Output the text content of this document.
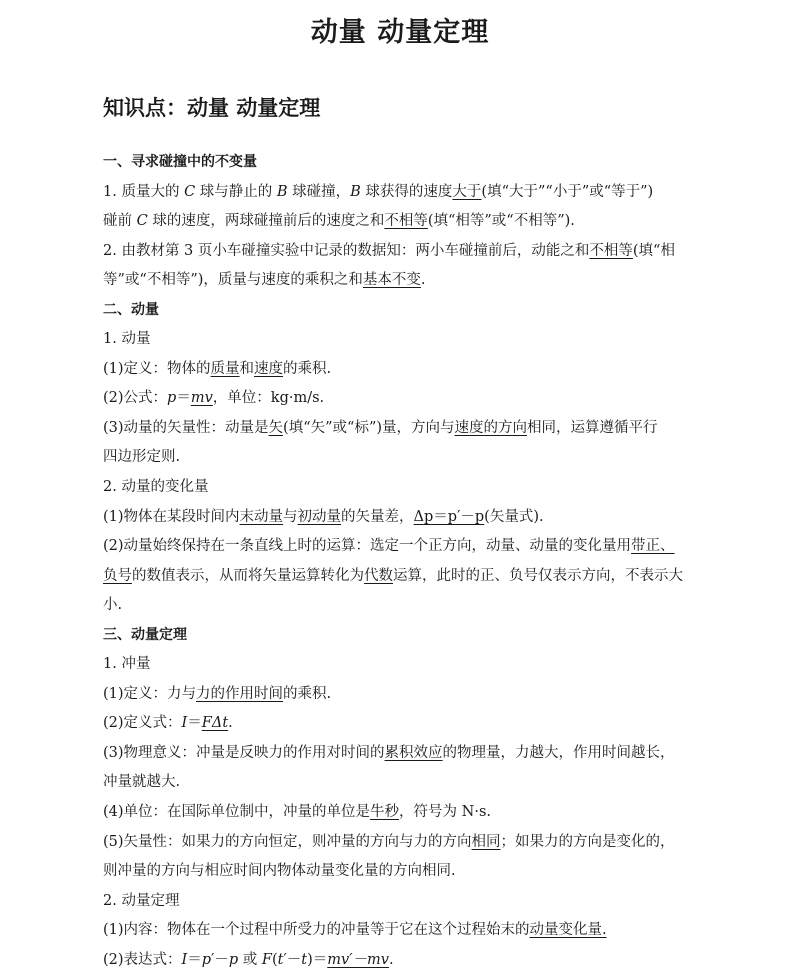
动量 动量定理
知识点：动量 动量定理
一、寻求碰撞中的不变量
1. 质量大的 C 球与静止的 B 球碰撞，B 球获得的速度大于(填“大于”“小于”或“等于”)
碰前 C 球的速度，两球碰撞前后的速度之和不相等(填“相等”或“不相等”).
2. 由教材第 3 页小车碰撞实验中记录的数据知：两小车碰撞前后，动能之和不相等(填“相
等”或“不相等”)，质量与速度的乘积之和基本不变.
二、动量
1. 动量
(1)定义：物体的质量和速度的乘积.
(2)公式：p＝mv，单位：kg·m/s.
(3)动量的矢量性：动量是矢(填“矢”或“标”)量，方向与速度的方向相同，运算遵循平行
四边形定则.
2. 动量的变化量
(1)物体在某段时间内末动量与初动量的矢量差，Δp＝p′－p(矢量式).
(2)动量始终保持在一条直线上时的运算：选定一个正方向，动量、动量的变化量用带正、
负号的数值表示，从而将矢量运算转化为代数运算，此时的正、负号仅表示方向，不表示大
小.
三、动量定理
1. 冲量
(1)定义：力与力的作用时间的乘积.
(2)定义式：I＝FΔt.
(3)物理意义：冲量是反映力的作用对时间的累积效应的物理量，力越大，作用时间越长，
冲量就越大.
(4)单位：在国际单位制中，冲量的单位是牛秒，符号为 N·s.
(5)矢量性：如果力的方向恒定，则冲量的方向与力的方向相同；如果力的方向是变化的，
则冲量的方向与相应时间内物体动量变化量的方向相同.
2. 动量定理
(1)内容：物体在一个过程中所受力的冲量等于它在这个过程始末的动量变化量.
(2)表达式：I＝p′－p 或 F(t′－t)＝mv′－mv.
